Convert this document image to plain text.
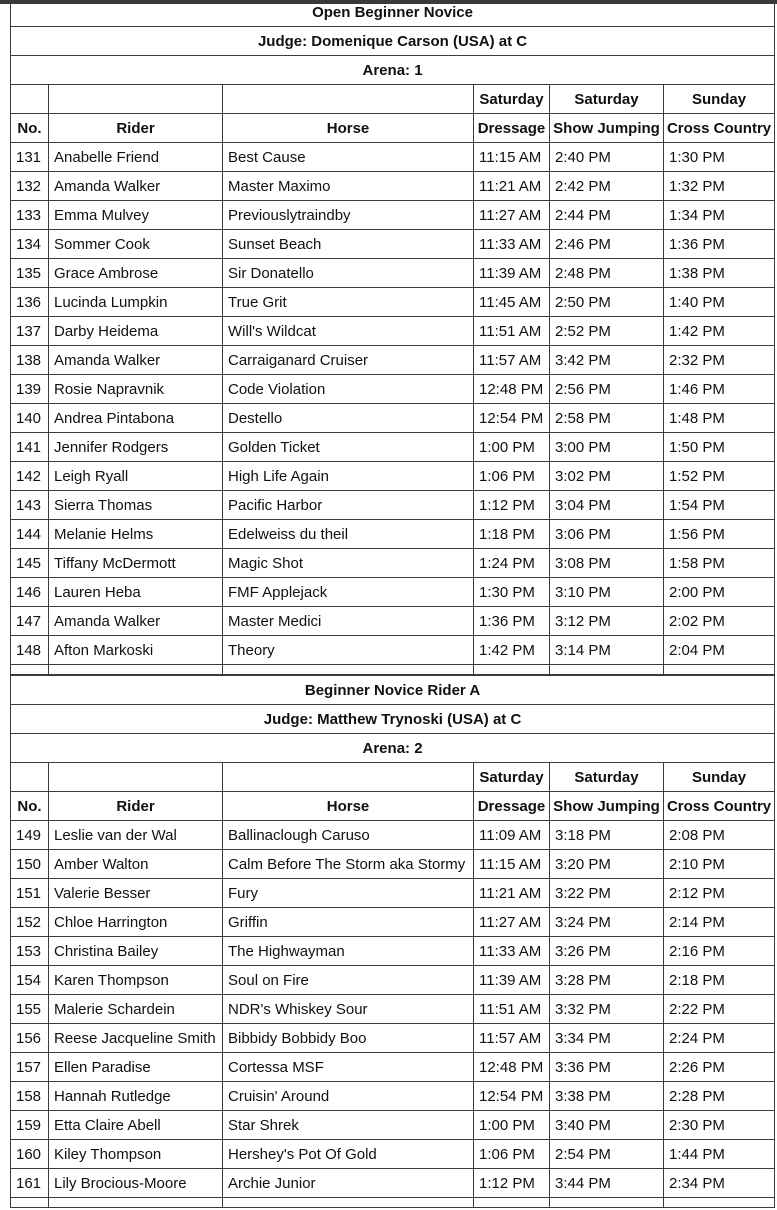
Open Beginner Novice					
Judge: Domenique Carson (USA) at C					
Arena: 1					
			Saturday	Saturday	Sunday
No.	Rider	Horse	Dressage	Show Jumping	Cross Country
131	Anabelle Friend	Best Cause	11:15 AM	2:40 PM	1:30 PM
132	Amanda Walker	Master Maximo	11:21 AM	2:42 PM	1:32 PM
133	Emma Mulvey	Previouslytraindby	11:27 AM	2:44 PM	1:34 PM
134	Sommer Cook	Sunset Beach	11:33 AM	2:46 PM	1:36 PM
135	Grace Ambrose	Sir Donatello	11:39 AM	2:48 PM	1:38 PM
136	Lucinda Lumpkin	True Grit	11:45 AM	2:50 PM	1:40 PM
137	Darby Heidema	Will's Wildcat	11:51 AM	2:52 PM	1:42 PM
138	Amanda Walker	Carraiganard Cruiser	11:57 AM	3:42 PM	2:32 PM
139	Rosie Napravnik	Code Violation	12:48 PM	2:56 PM	1:46 PM
140	Andrea Pintabona	Destello	12:54 PM	2:58 PM	1:48 PM
141	Jennifer Rodgers	Golden Ticket	1:00 PM	3:00 PM	1:50 PM
142	Leigh Ryall	High Life Again	1:06 PM	3:02 PM	1:52 PM
143	Sierra Thomas	Pacific Harbor	1:12 PM	3:04 PM	1:54 PM
144	Melanie Helms	Edelweiss du theil	1:18 PM	3:06 PM	1:56 PM
145	Tiffany McDermott	Magic Shot	1:24 PM	3:08 PM	1:58 PM
146	Lauren Heba	FMF Applejack	1:30 PM	3:10 PM	2:00 PM
147	Amanda Walker	Master Medici	1:36 PM	3:12 PM	2:02 PM
148	Afton Markoski	Theory	1:42 PM	3:14 PM	2:04 PM

Beginner Novice Rider A					
Judge: Matthew Trynoski (USA) at C					
Arena: 2					
			Saturday	Saturday	Sunday
No.	Rider	Horse	Dressage	Show Jumping	Cross Country
149	Leslie van der Wal	Ballinaclough Caruso	11:09 AM	3:18 PM	2:08 PM
150	Amber Walton	Calm Before The Storm aka Stormy	11:15 AM	3:20 PM	2:10 PM
151	Valerie Besser	Fury	11:21 AM	3:22 PM	2:12 PM
152	Chloe Harrington	Griffin	11:27 AM	3:24 PM	2:14 PM
153	Christina Bailey	The Highwayman	11:33 AM	3:26 PM	2:16 PM
154	Karen Thompson	Soul on Fire	11:39 AM	3:28 PM	2:18 PM
155	Malerie Schardein	NDR's Whiskey Sour	11:51 AM	3:32 PM	2:22 PM
156	Reese Jacqueline Smith	Bibbidy Bobbidy Boo	11:57 AM	3:34 PM	2:24 PM
157	Ellen Paradise	Cortessa MSF	12:48 PM	3:36 PM	2:26 PM
158	Hannah Rutledge	Cruisin' Around	12:54 PM	3:38 PM	2:28 PM
159	Etta Claire Abell	Star Shrek	1:00 PM	3:40 PM	2:30 PM
160	Kiley Thompson	Hershey's Pot Of Gold	1:06 PM	2:54 PM	1:44 PM
161	Lily Brocious-Moore	Archie Junior	1:12 PM	3:44 PM	2:34 PM
